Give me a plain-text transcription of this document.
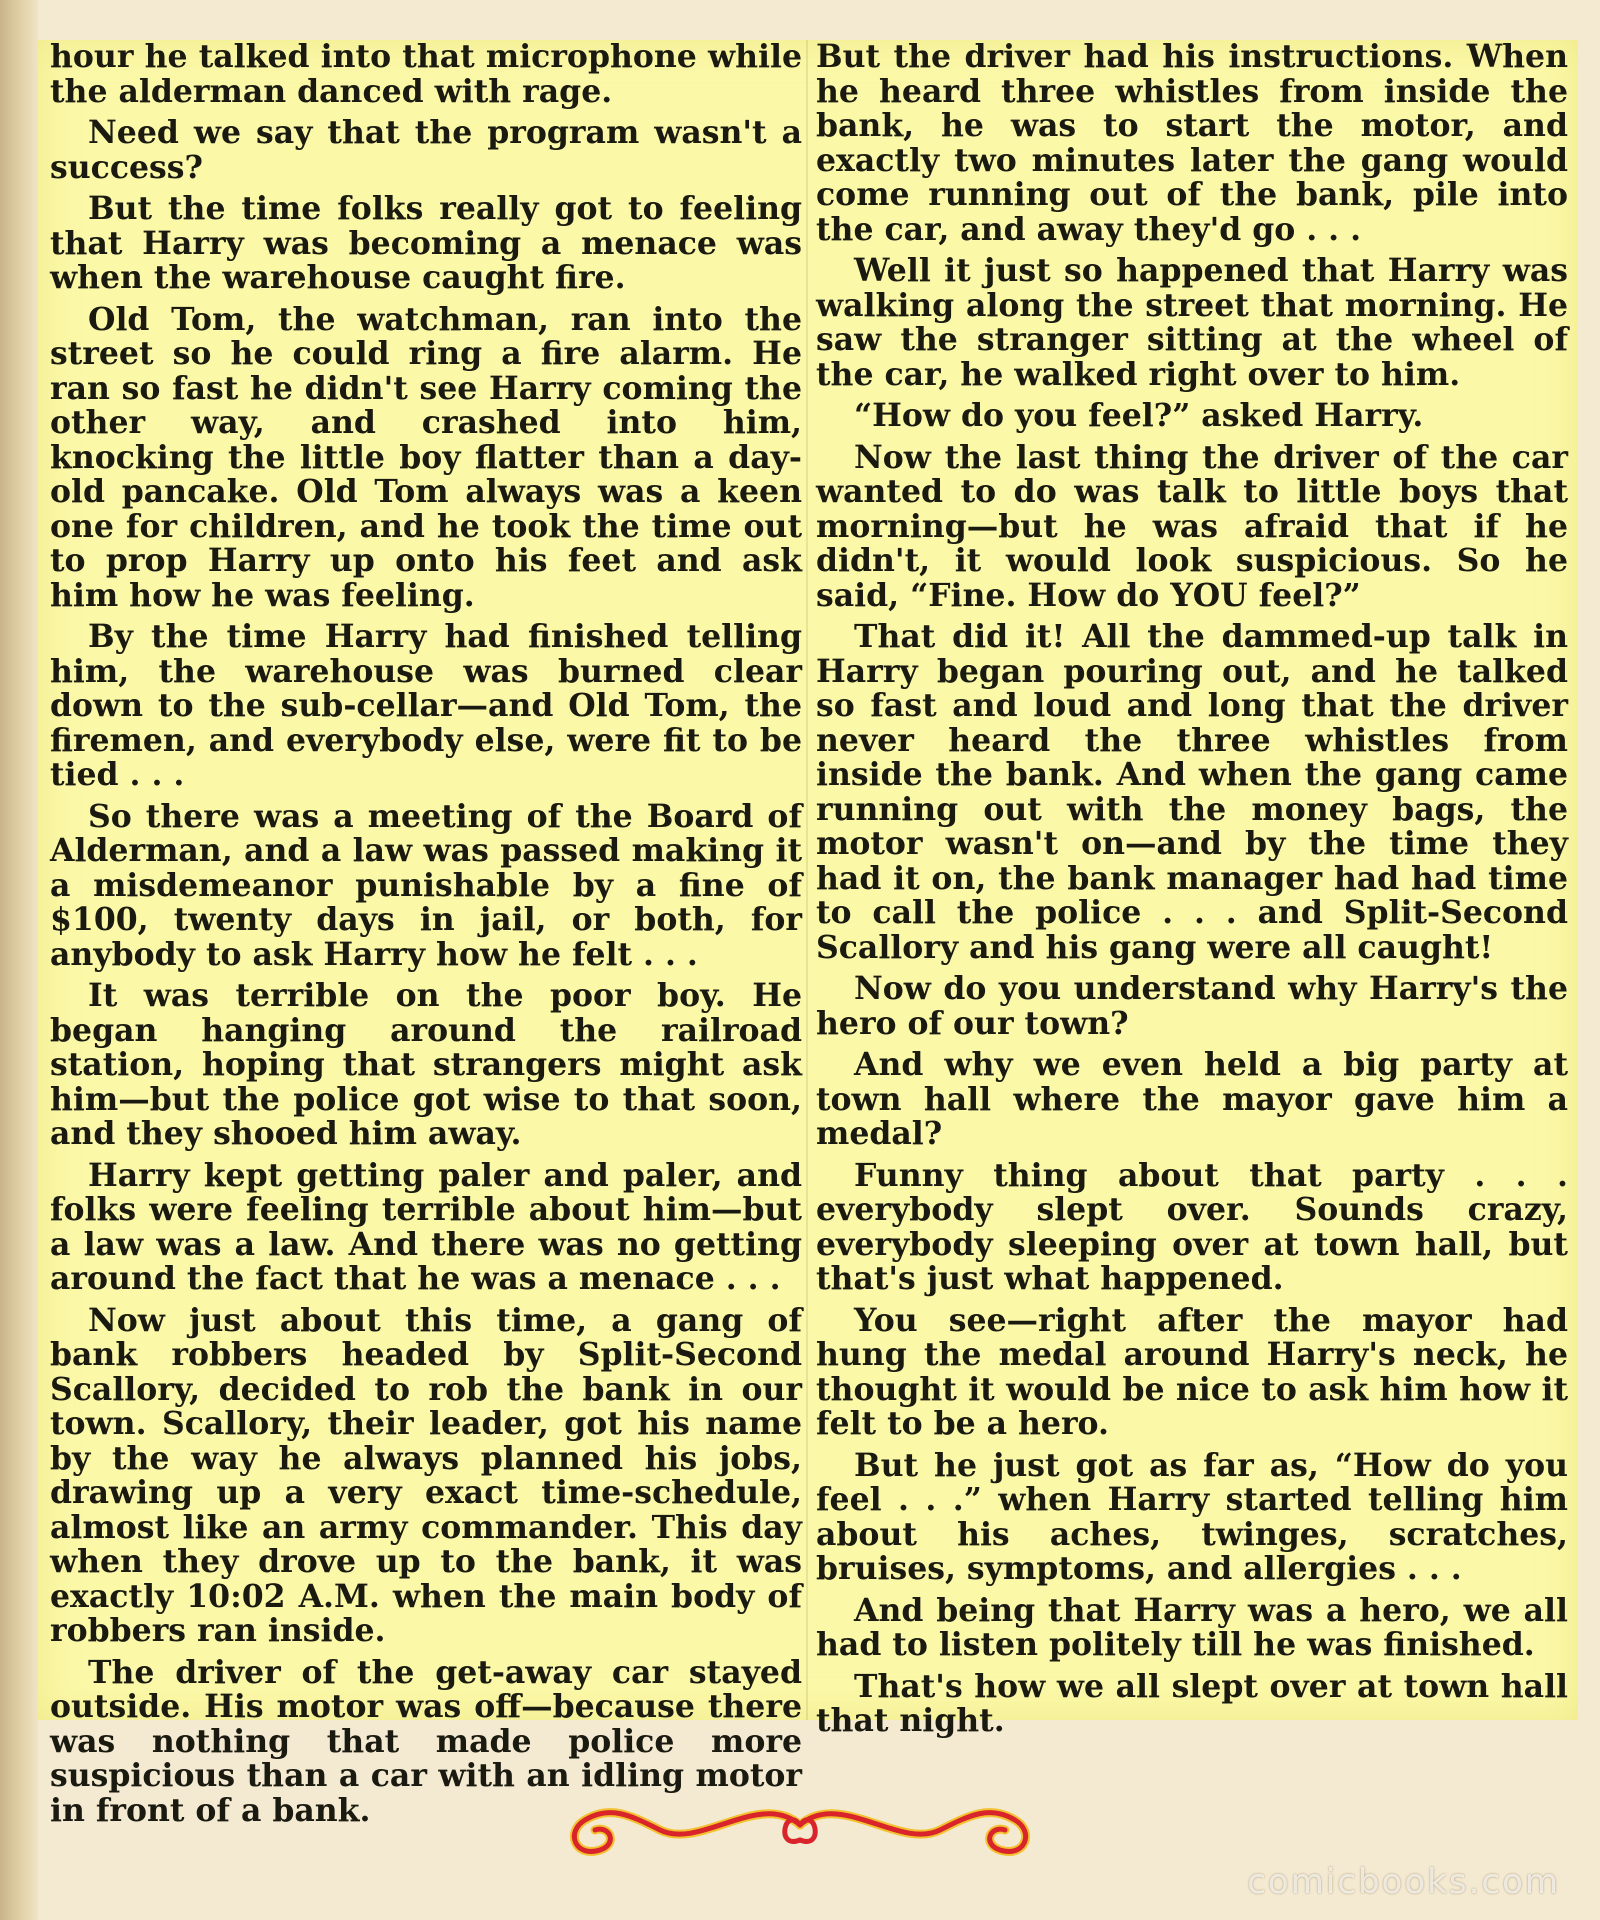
hour he talked into that microphone while the alderman danced with rage.

Need we say that the program wasn't a success?

But the time folks really got to feeling that Harry was becoming a menace was when the warehouse caught fire.

Old Tom, the watchman, ran into the street so he could ring a fire alarm. He ran so fast he didn't see Harry coming the other way, and crashed into him, knocking the little boy flatter than a day-old pancake. Old Tom always was a keen one for children, and he took the time out to prop Harry up onto his feet and ask him how he was feeling.

By the time Harry had finished telling him, the warehouse was burned clear down to the sub-cellar—and Old Tom, the firemen, and everybody else, were fit to be tied . . .

So there was a meeting of the Board of Alderman, and a law was passed making it a misdemeanor punishable by a fine of $100, twenty days in jail, or both, for anybody to ask Harry how he felt . . .

It was terrible on the poor boy. He began hanging around the railroad station, hoping that strangers might ask him—but the police got wise to that soon, and they shooed him away.

Harry kept getting paler and paler, and folks were feeling terrible about him—but a law was a law. And there was no getting around the fact that he was a menace . . .

Now just about this time, a gang of bank robbers headed by Split-Second Scallory, decided to rob the bank in our town. Scallory, their leader, got his name by the way he always planned his jobs, drawing up a very exact time-schedule, almost like an army commander. This day when they drove up to the bank, it was exactly 10:02 A.M. when the main body of robbers ran inside.

The driver of the get-away car stayed outside. His motor was off—because there was nothing that made police more suspicious than a car with an idling motor in front of a bank.

But the driver had his instructions. When he heard three whistles from inside the bank, he was to start the motor, and exactly two minutes later the gang would come running out of the bank, pile into the car, and away they'd go . . .

Well it just so happened that Harry was walking along the street that morning. He saw the stranger sitting at the wheel of the car, he walked right over to him.

“How do you feel?” asked Harry.

Now the last thing the driver of the car wanted to do was talk to little boys that morning—but he was afraid that if he didn't, it would look suspicious. So he said, “Fine. How do YOU feel?”

That did it! All the dammed-up talk in Harry began pouring out, and he talked so fast and loud and long that the driver never heard the three whistles from inside the bank. And when the gang came running out with the money bags, the motor wasn't on—and by the time they had it on, the bank manager had had time to call the police . . . and Split-Second Scallory and his gang were all caught!

Now do you understand why Harry's the hero of our town?

And why we even held a big party at town hall where the mayor gave him a medal?

Funny thing about that party . . . everybody slept over. Sounds crazy, everybody sleeping over at town hall, but that's just what happened.

You see—right after the mayor had hung the medal around Harry's neck, he thought it would be nice to ask him how it felt to be a hero.

But he just got as far as, “How do you feel . . .” when Harry started telling him about his aches, twinges, scratches, bruises, symptoms, and allergies . . .

And being that Harry was a hero, we all had to listen politely till he was finished.

That's how we all slept over at town hall that night.

comicbooks.com
